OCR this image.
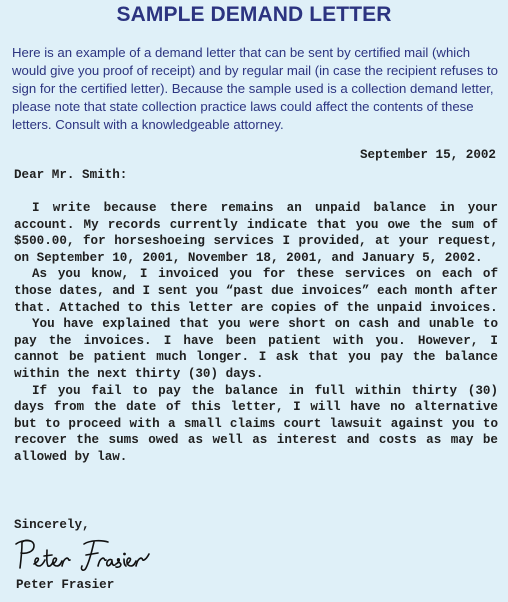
SAMPLE DEMAND LETTER
Here is an example of a demand letter that can be sent by certified mail (which would give you proof of receipt) and by regular mail (in case the recipient refuses to sign for the certified letter). Because the sample used is a collection demand letter, please note that state collection practice laws could affect the contents of these letters. Consult with a knowledgeable attorney.
September 15, 2002
Dear Mr. Smith:

I write because there remains an unpaid balance in your account. My records currently indicate that you owe the sum of $500.00, for horseshoeing services I provided, at your request, on September 10, 2001, November 18, 2001, and January 5, 2002.

As you know, I invoiced you for these services on each of those dates, and I sent you “past due invoices” each month after that. Attached to this letter are copies of the unpaid invoices.

You have explained that you were short on cash and unable to pay the invoices. I have been patient with you. However, I cannot be patient much longer. I ask that you pay the balance within the next thirty (30) days.

If you fail to pay the balance in full within thirty (30) days from the date of this letter, I will have no alternative but to proceed with a small claims court lawsuit against you to recover the sums owed as well as interest and costs as may be allowed by law.

Sincerely,
Peter Frasier
